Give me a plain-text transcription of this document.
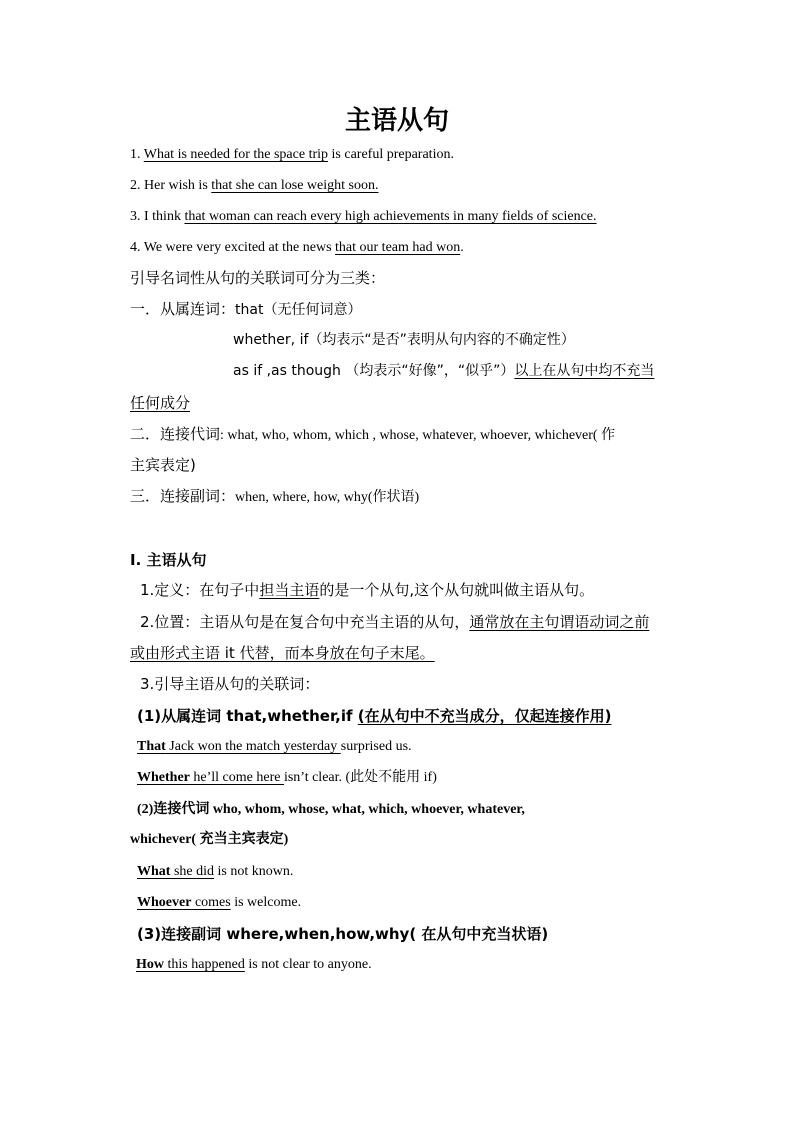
主语从句
1. What is needed for the space trip is careful preparation.
2. Her wish is that she can lose weight soon.
3. I think that woman can reach every high achievements in many fields of science.
4. We were very excited at the news that our team had won.
引导名词性从句的关联词可分为三类：
一．从属连词：that（无任何词意）
whether, if（均表示“是否”表明从句内容的不确定性）
as if ,as though （均表示“好像”，“似乎”）以上在从句中均不充当
任何成分
二．连接代词: what, who, whom, which , whose, whatever, whoever, whichever( 作
主宾表定)
三．连接副词：when, where, how, why(作状语)
I. 主语从句
1.定义：在句子中担当主语的是一个从句,这个从句就叫做主语从句。
2.位置：主语从句是在复合句中充当主语的从句，通常放在主句谓语动词之前
或由形式主语 it 代替，而本身放在句子末尾。
3.引导主语从句的关联词：
(1)从属连词 that,whether,if (在从句中不充当成分，仅起连接作用)
That Jack won the match yesterday surprised us.
Whether he’ll come here isn’t clear. (此处不能用 if)
(2)连接代词 who, whom, whose, what, which, whoever, whatever,
whichever( 充当主宾表定)
What she did is not known.
Whoever comes is welcome.
(3)连接副词 where,when,how,why( 在从句中充当状语)
How this happened is not clear to anyone.
